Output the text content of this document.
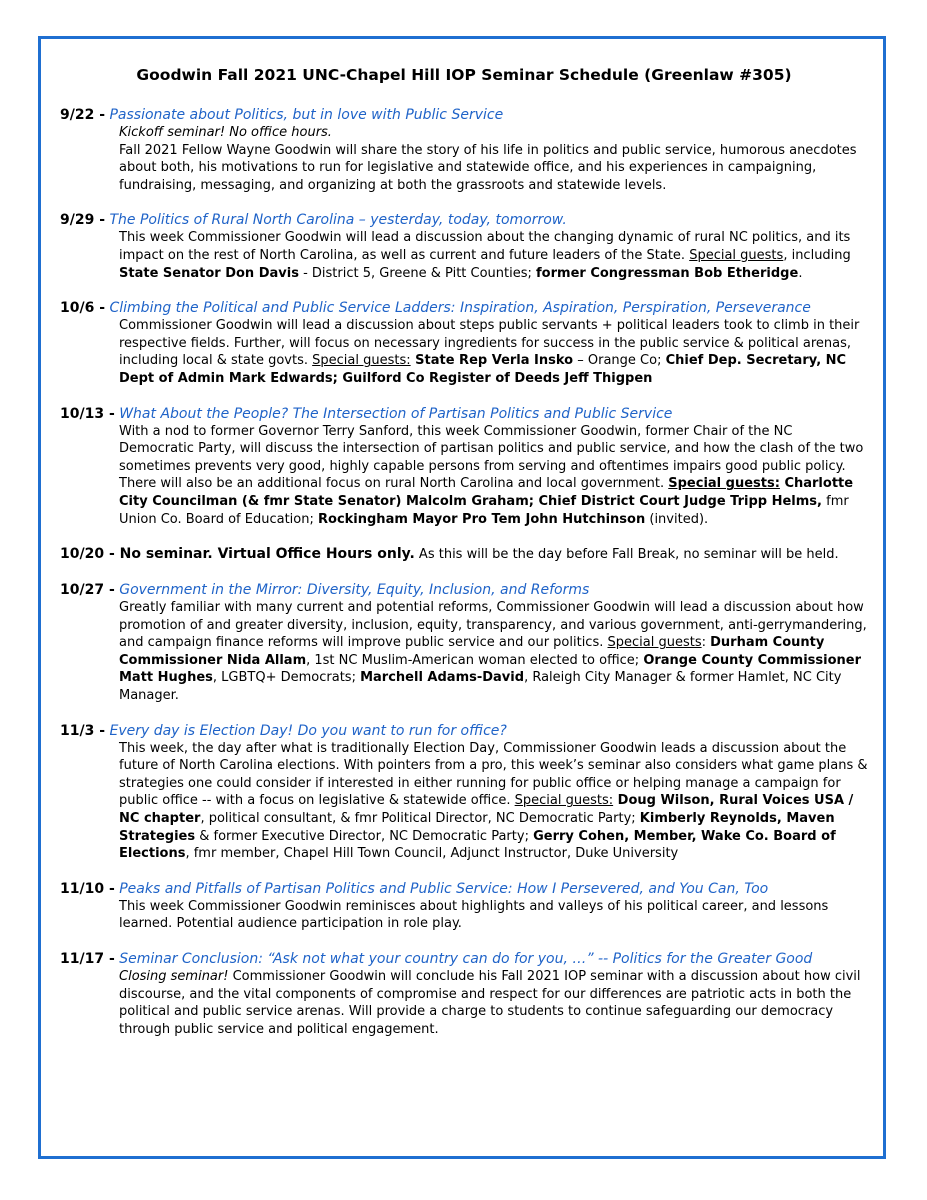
Goodwin Fall 2021 UNC-Chapel Hill IOP Seminar Schedule (Greenlaw #305)
9/22 - Passionate about Politics, but in love with Public Service
Kickoff seminar! No office hours.
Fall 2021 Fellow Wayne Goodwin will share the story of his life in politics and public service, humorous anecdotes about both, his motivations to run for legislative and statewide office, and his experiences in campaigning, fundraising, messaging, and organizing at both the grassroots and statewide levels.
9/29 - The Politics of Rural North Carolina – yesterday, today, tomorrow.
This week Commissioner Goodwin will lead a discussion about the changing dynamic of rural NC politics, and its impact on the rest of North Carolina, as well as current and future leaders of the State. Special guests, including State Senator Don Davis - District 5, Greene & Pitt Counties; former Congressman Bob Etheridge.
10/6 - Climbing the Political and Public Service Ladders: Inspiration, Aspiration, Perspiration, Perseverance
Commissioner Goodwin will lead a discussion about steps public servants + political leaders took to climb in their respective fields. Further, will focus on necessary ingredients for success in the public service & political arenas, including local & state govts. Special guests: State Rep Verla Insko – Orange Co; Chief Dep. Secretary, NC Dept of Admin Mark Edwards; Guilford Co Register of Deeds Jeff Thigpen
10/13 - What About the People? The Intersection of Partisan Politics and Public Service
With a nod to former Governor Terry Sanford, this week Commissioner Goodwin, former Chair of the NC Democratic Party, will discuss the intersection of partisan politics and public service, and how the clash of the two sometimes prevents very good, highly capable persons from serving and oftentimes impairs good public policy. There will also be an additional focus on rural North Carolina and local government. Special guests: Charlotte City Councilman (& fmr State Senator) Malcolm Graham; Chief District Court Judge Tripp Helms, fmr Union Co. Board of Education; Rockingham Mayor Pro Tem John Hutchinson (invited).
10/20 - No seminar. Virtual Office Hours only. As this will be the day before Fall Break, no seminar will be held.
10/27 - Government in the Mirror: Diversity, Equity, Inclusion, and Reforms
Greatly familiar with many current and potential reforms, Commissioner Goodwin will lead a discussion about how promotion of and greater diversity, inclusion, equity, transparency, and various government, anti-gerrymandering, and campaign finance reforms will improve public service and our politics. Special guests: Durham County Commissioner Nida Allam, 1st NC Muslim-American woman elected to office; Orange County Commissioner Matt Hughes, LGBTQ+ Democrats; Marchell Adams-David, Raleigh City Manager & former Hamlet, NC City Manager.
11/3 - Every day is Election Day! Do you want to run for office?
This week, the day after what is traditionally Election Day, Commissioner Goodwin leads a discussion about the future of North Carolina elections. With pointers from a pro, this week’s seminar also considers what game plans & strategies one could consider if interested in either running for public office or helping manage a campaign for public office -- with a focus on legislative & statewide office. Special guests: Doug Wilson, Rural Voices USA / NC chapter, political consultant, & fmr Political Director, NC Democratic Party; Kimberly Reynolds, Maven Strategies & former Executive Director, NC Democratic Party; Gerry Cohen, Member, Wake Co. Board of Elections, fmr member, Chapel Hill Town Council, Adjunct Instructor, Duke University
11/10 - Peaks and Pitfalls of Partisan Politics and Public Service: How I Persevered, and You Can, Too
This week Commissioner Goodwin reminisces about highlights and valleys of his political career, and lessons learned. Potential audience participation in role play.
11/17 - Seminar Conclusion: “Ask not what your country can do for you, …” -- Politics for the Greater Good
Closing seminar! Commissioner Goodwin will conclude his Fall 2021 IOP seminar with a discussion about how civil discourse, and the vital components of compromise and respect for our differences are patriotic acts in both the political and public service arenas. Will provide a charge to students to continue safeguarding our democracy through public service and political engagement.
